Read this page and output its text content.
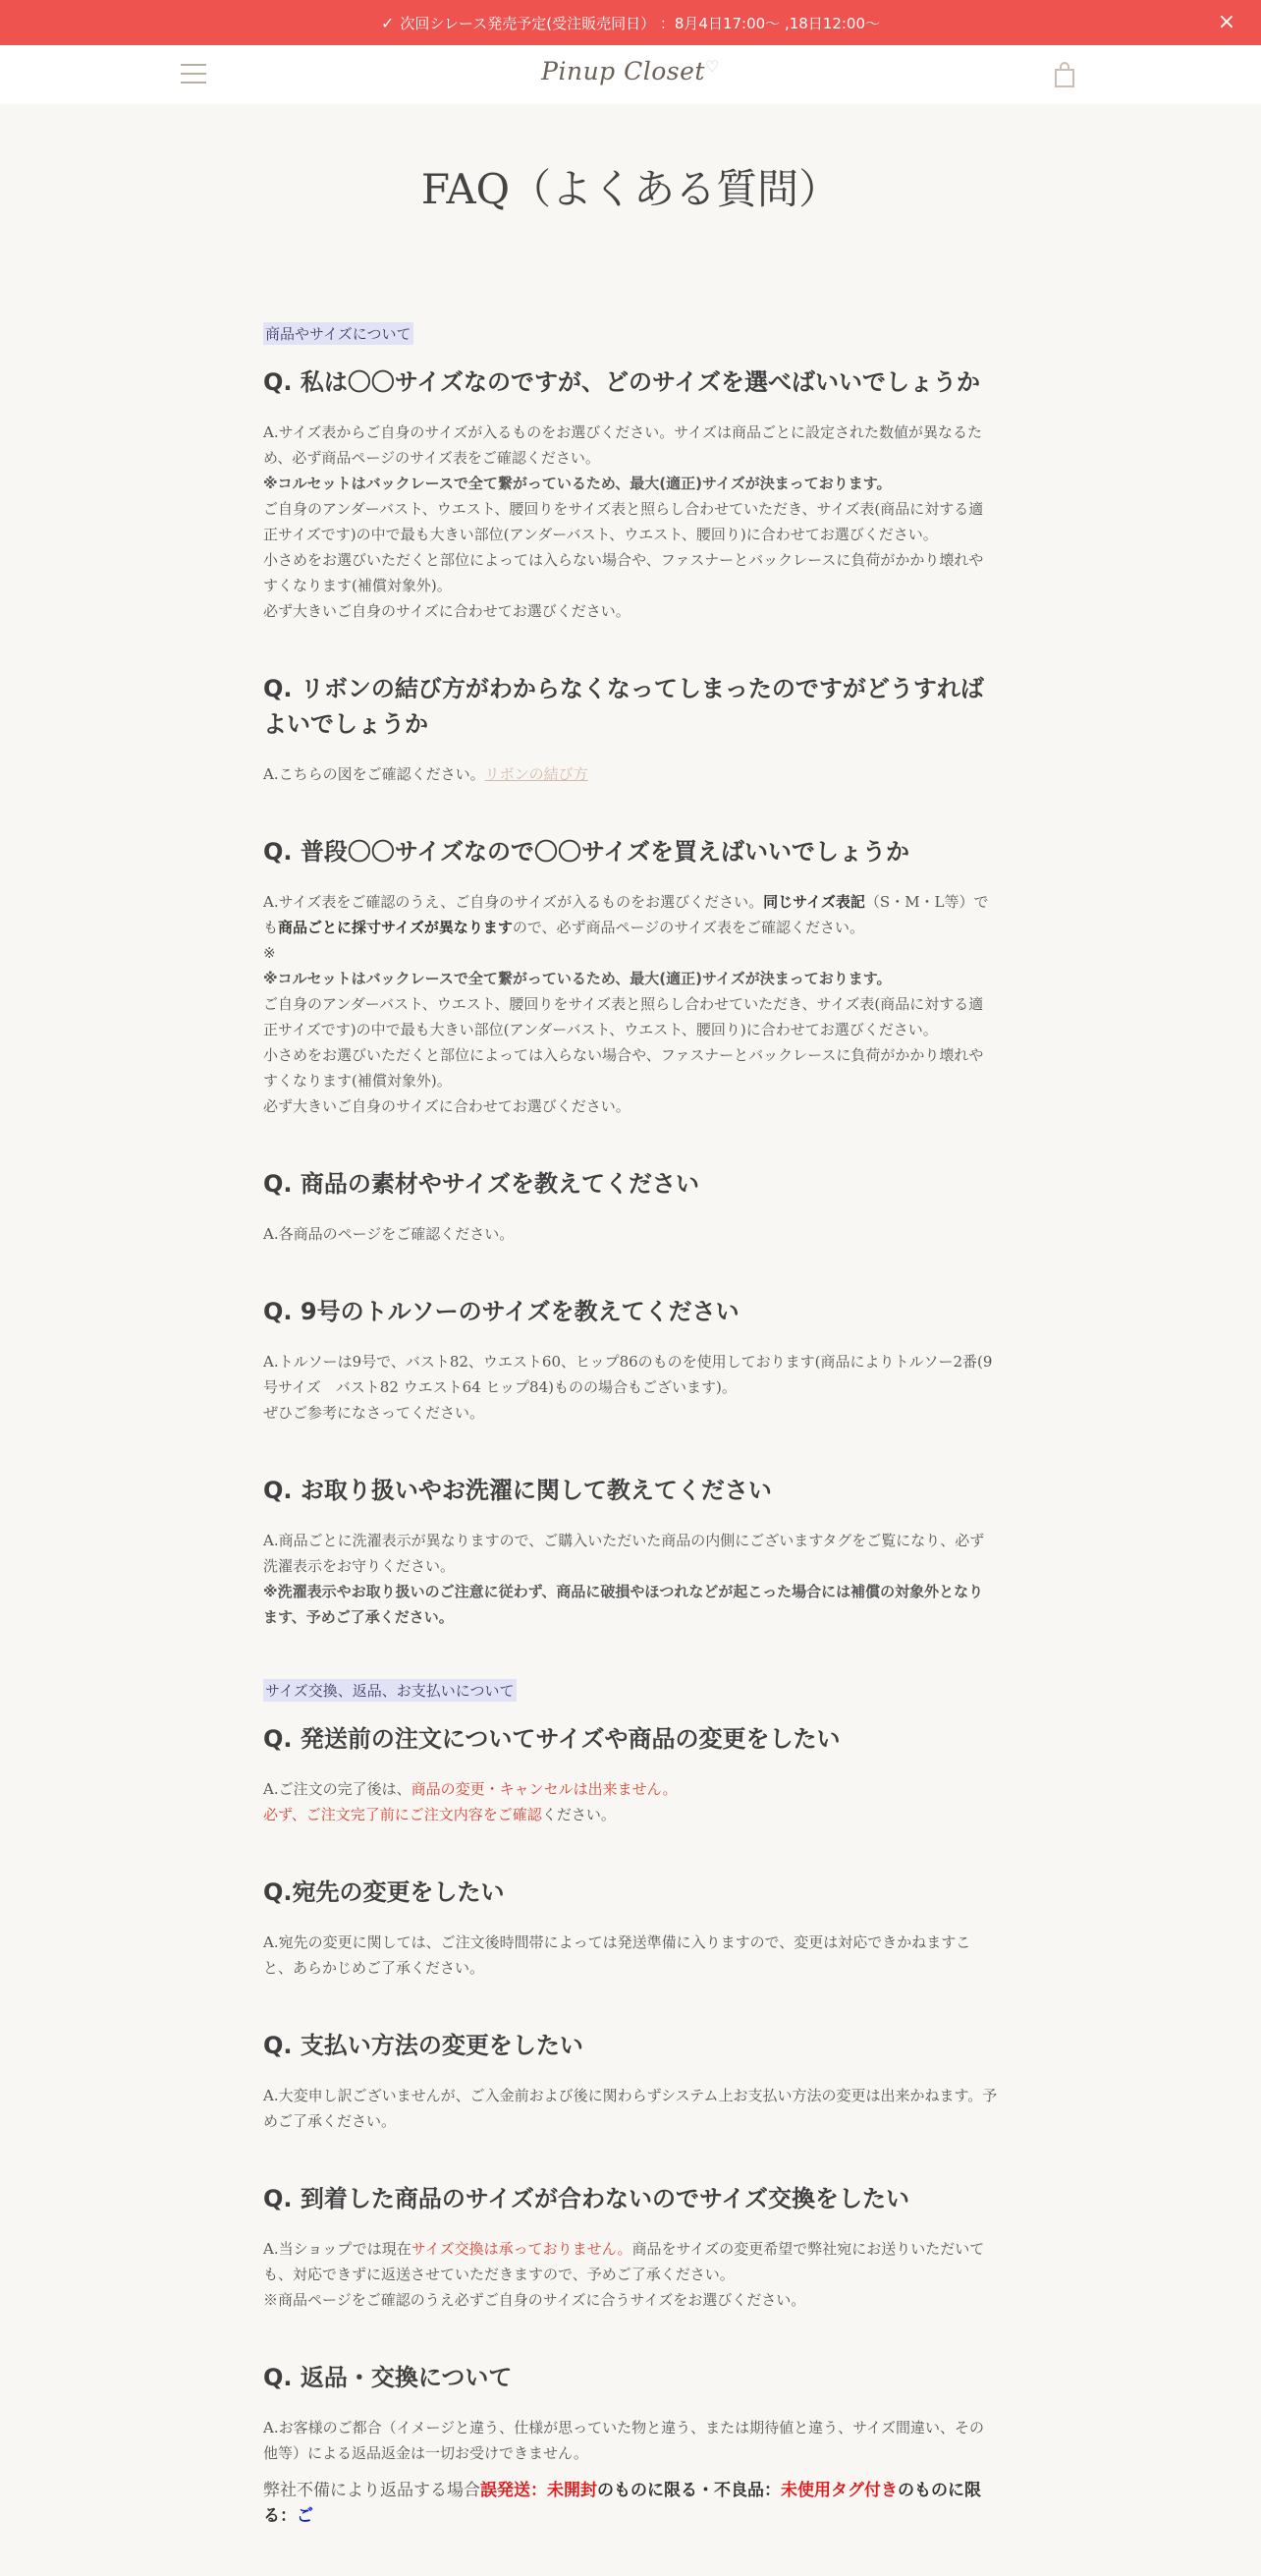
✓ 次回シレース発売予定(受注販売同日） ：8月4日17:00～ ,18日12:00～	×
Pinup Closet♡
FAQ（よくある質問）
商品やサイズについて
Q. 私は〇〇サイズなのですが、どのサイズを選べばいいでしょうか

A.サイズ表からご自身のサイズが入るものをお選びください。サイズは商品ごとに設定された数値が異なるため、必ず商品ページのサイズ表をご確認ください。

※コルセットはバックレースで全て繋がっているため、最大(適正)サイズが決まっております。

ご自身のアンダーバスト、ウエスト、腰回りをサイズ表と照らし合わせていただき、サイズ表(商品に対する適正サイズです)の中で最も大きい部位(アンダーバスト、ウエスト、腰回り)に合わせてお選びください。

小さめをお選びいただくと部位によっては入らない場合や、ファスナーとバックレースに負荷がかかり壊れやすくなります(補償対象外)。

必ず大きいご自身のサイズに合わせてお選びください。

Q. リボンの結び方がわからなくなってしまったのですがどうすればよいでしょうか

A.こちらの図をご確認ください。リボンの結び方

Q. 普段〇〇サイズなので〇〇サイズを買えばいいでしょうか

A.サイズ表をご確認のうえ、ご自身のサイズが入るものをお選びください。同じサイズ表記（S・M・L等）でも商品ごとに採寸サイズが異なりますので、必ず商品ページのサイズ表をご確認ください。

※

※コルセットはバックレースで全て繋がっているため、最大(適正)サイズが決まっております。

ご自身のアンダーバスト、ウエスト、腰回りをサイズ表と照らし合わせていただき、サイズ表(商品に対する適正サイズです)の中で最も大きい部位(アンダーバスト、ウエスト、腰回り)に合わせてお選びください。

小さめをお選びいただくと部位によっては入らない場合や、ファスナーとバックレースに負荷がかかり壊れやすくなります(補償対象外)。

必ず大きいご自身のサイズに合わせてお選びください。

Q. 商品の素材やサイズを教えてください

A.各商品のページをご確認ください。

Q. 9号のトルソーのサイズを教えてください

A.トルソーは9号で、バスト82、ウエスト60、ヒップ86のものを使用しております(商品によりトルソー2番(9号サイズ　バスト82 ウエスト64 ヒップ84)ものの場合もございます)。

ぜひご参考になさってください。

Q. お取り扱いやお洗濯に関して教えてください

A.商品ごとに洗濯表示が異なりますので、ご購入いただいた商品の内側にございますタグをご覧になり、必ず洗濯表示をお守りください。

※洗濯表示やお取り扱いのご注意に従わず、商品に破損やほつれなどが起こった場合には補償の対象外となります、予めご了承ください。

サイズ交換、返品、お支払いについて
Q. 発送前の注文についてサイズや商品の変更をしたい

A.ご注文の完了後は、商品の変更・キャンセルは出来ません。

必ず、ご注文完了前にご注文内容をご確認ください。

Q.宛先の変更をしたい

A.宛先の変更に関しては、ご注文後時間帯によっては発送準備に入りますので、変更は対応できかねますこと、あらかじめご了承ください。

Q. 支払い方法の変更をしたい

A.大変申し訳ございませんが、ご入金前および後に関わらずシステム上お支払い方法の変更は出来かねます。予めご了承ください。

Q. 到着した商品のサイズが合わないのでサイズ交換をしたい

A.当ショップでは現在サイズ交換は承っておりません。商品をサイズの変更希望で弊社宛にお送りいただいても、対応できずに返送させていただきますので、予めご了承ください。

※商品ページをご確認のうえ必ずご自身のサイズに合うサイズをお選びください。

Q. 返品・交換について

A.お客様のご都合（イメージと違う、仕様が思っていた物と違う、または期待値と違う、サイズ間違い、その他等）による返品返金は一切お受けできません。

弊社不備により返品する場合誤発送：未開封のものに限る・不良品：未使用タグ付きのものに限る：ご
